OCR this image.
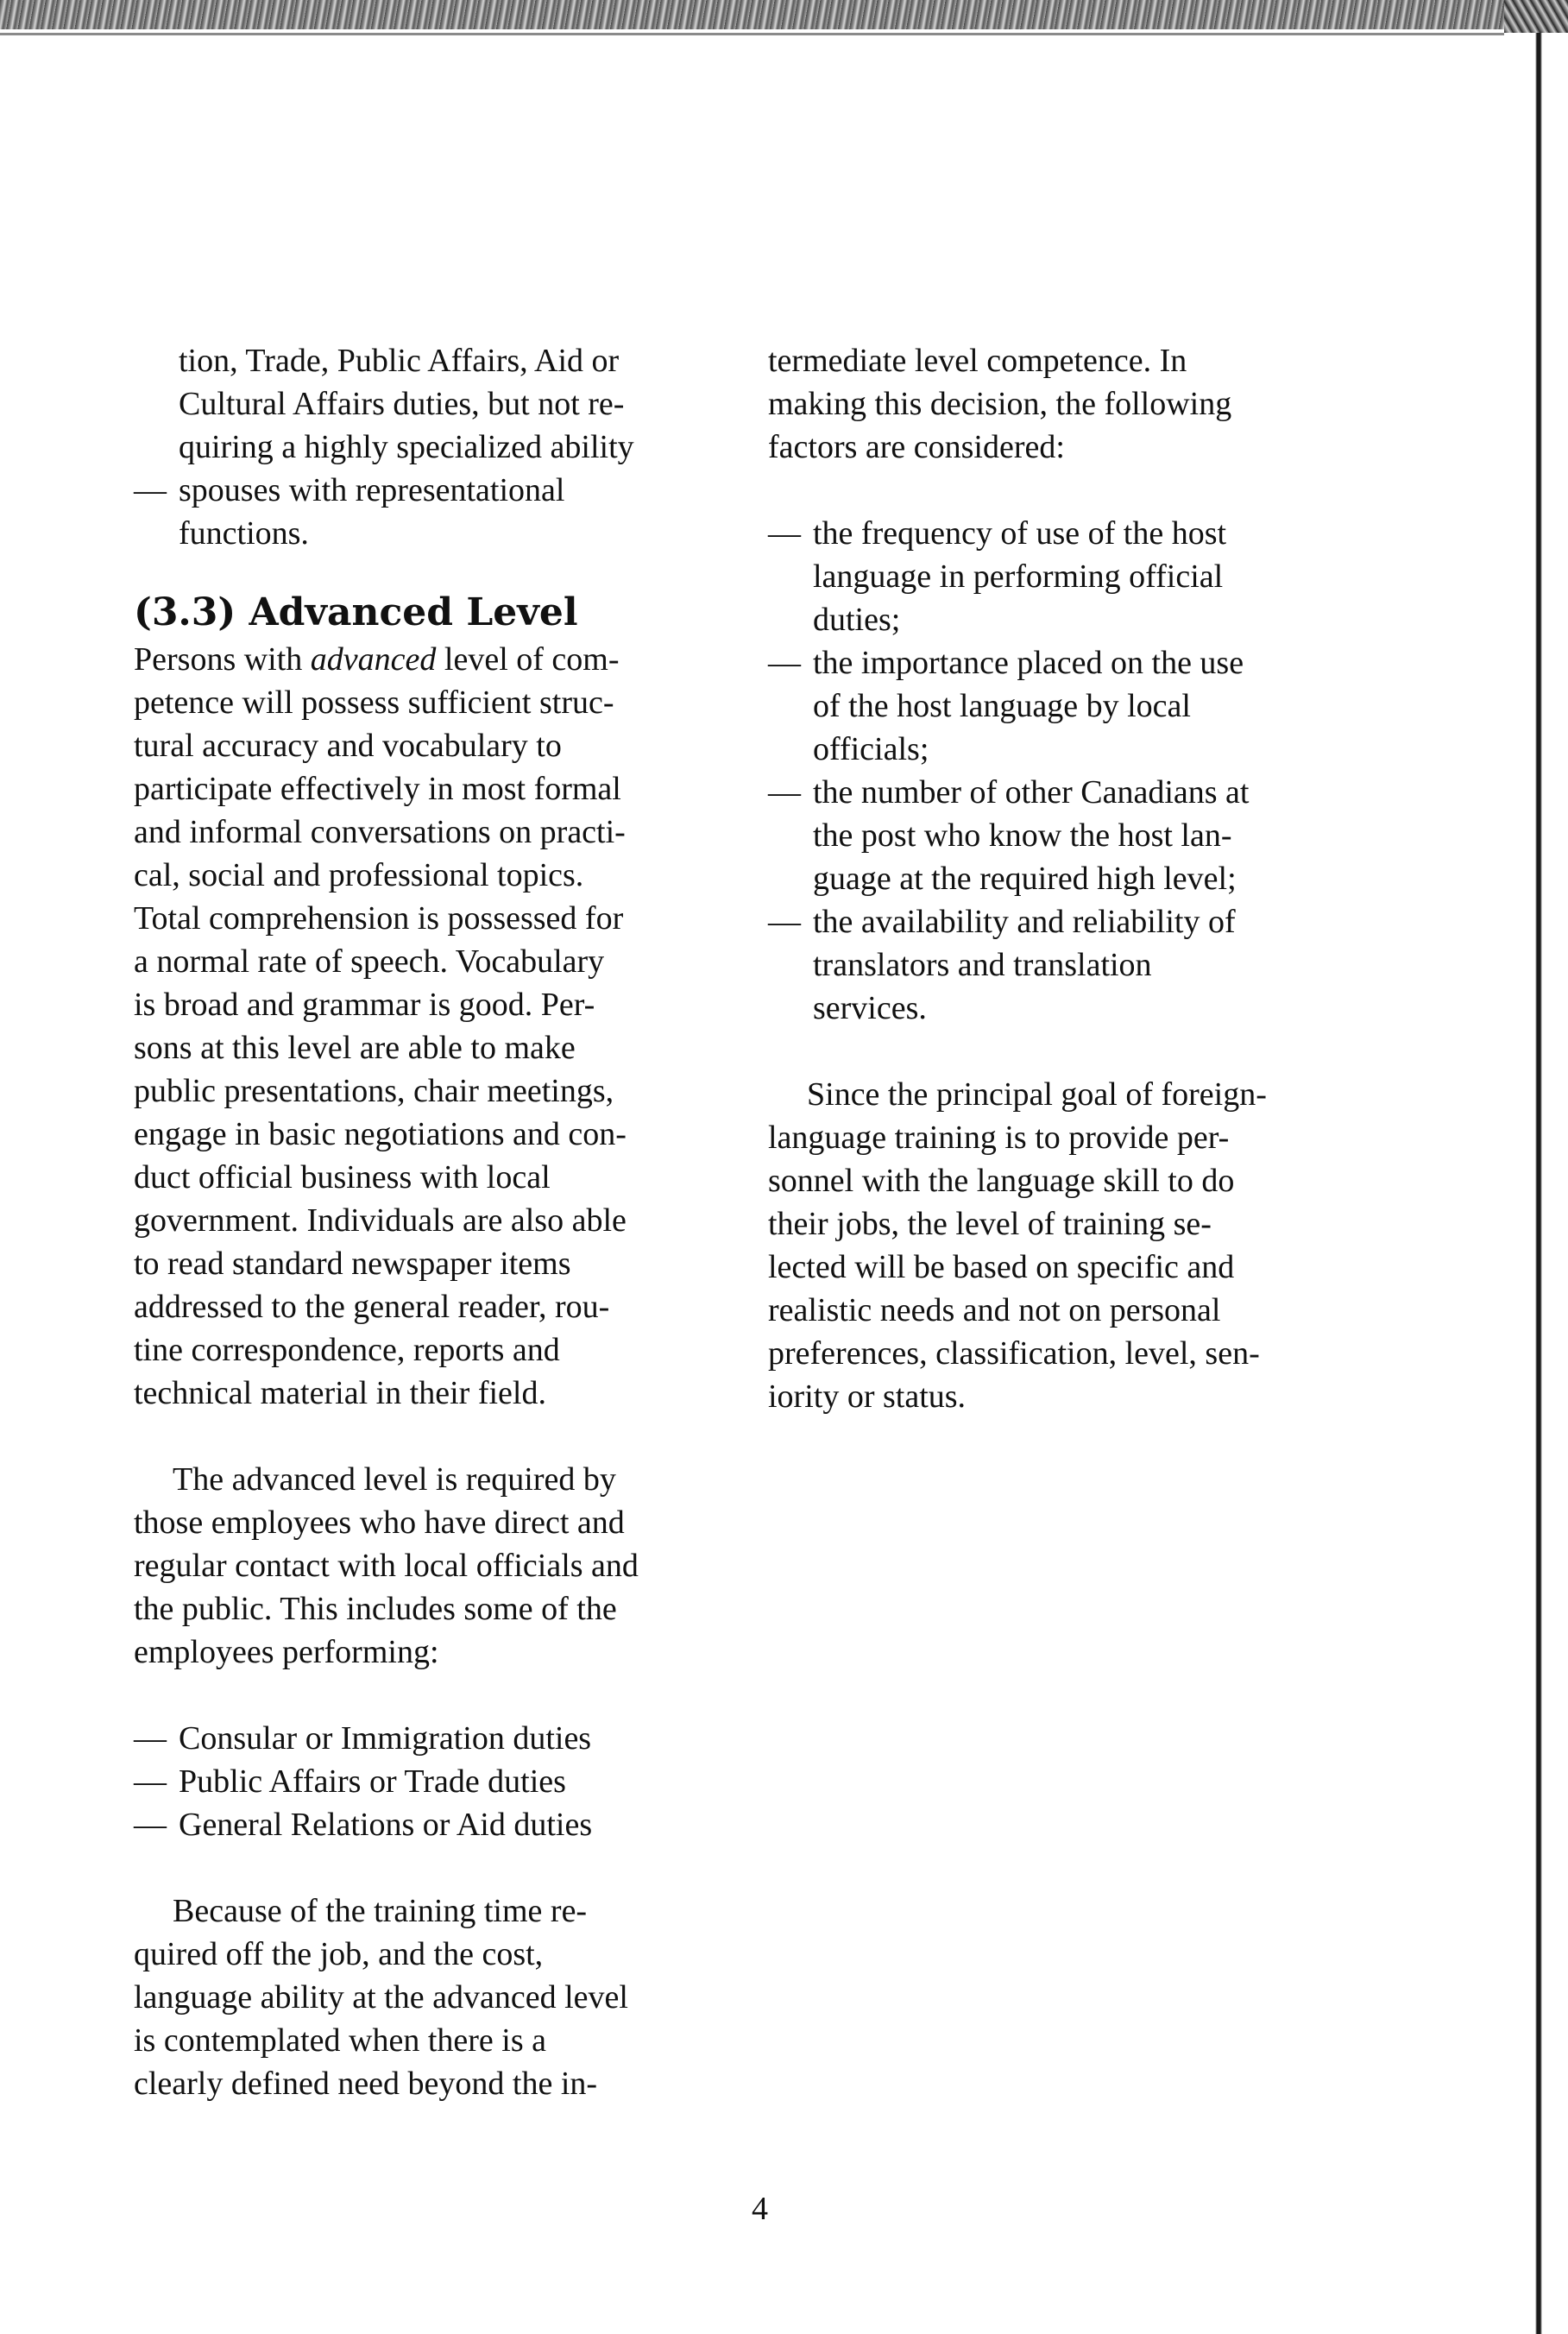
tion, Trade, Public Affairs, Aid or
Cultural Affairs duties, but not re-
quiring a highly specialized ability
— spouses with representational
functions.
(3.3) Advanced Level
Persons with advanced level of com-
petence will possess sufficient struc-
tural accuracy and vocabulary to
participate effectively in most formal
and informal conversations on practi-
cal, social and professional topics.
Total comprehension is possessed for
a normal rate of speech. Vocabulary
is broad and grammar is good. Per-
sons at this level are able to make
public presentations, chair meetings,
engage in basic negotiations and con-
duct official business with local
government. Individuals are also able
to read standard newspaper items
addressed to the general reader, rou-
tine correspondence, reports and
technical material in their field.
The advanced level is required by
those employees who have direct and
regular contact with local officials and
the public. This includes some of the
employees performing:
— Consular or Immigration duties
— Public Affairs or Trade duties
— General Relations or Aid duties
Because of the training time re-
quired off the job, and the cost,
language ability at the advanced level
is contemplated when there is a
clearly defined need beyond the in-
termediate level competence. In
making this decision, the following
factors are considered:
— the frequency of use of the host
language in performing official
duties;
— the importance placed on the use
of the host language by local
officials;
— the number of other Canadians at
the post who know the host lan-
guage at the required high level;
— the availability and reliability of
translators and translation
services.
Since the principal goal of foreign-
language training is to provide per-
sonnel with the language skill to do
their jobs, the level of training se-
lected will be based on specific and
realistic needs and not on personal
preferences, classification, level, sen-
iority or status.
4
